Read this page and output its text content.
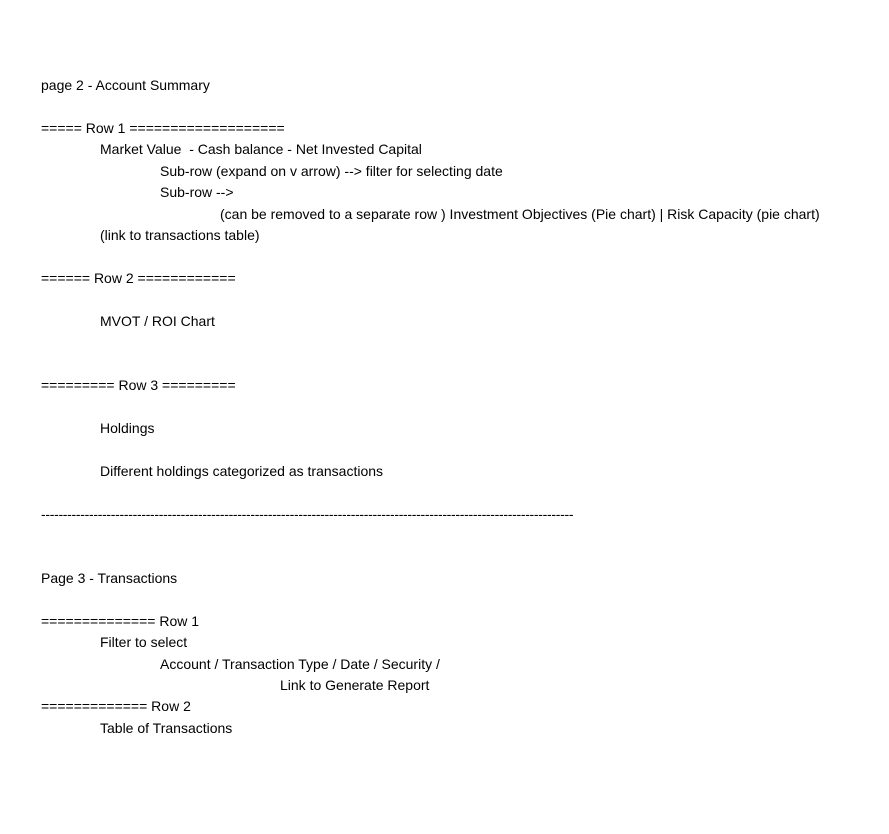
page 2 - Account Summary

===== Row 1 ===================

Market Value  - Cash balance - Net Invested Capital

Sub-row (expand on v arrow) --> filter for selecting date

Sub-row -->

(can be removed to a separate row ) Investment Objectives (Pie chart) | Risk Capacity (pie chart)

(link to transactions table)

====== Row 2 ============

MVOT / ROI Chart

========= Row 3 =========

Holdings

Different holdings categorized as transactions

--------------------------------------------------------------------------------------------------------------------------

Page 3 - Transactions

============== Row 1

Filter to select

Account / Transaction Type / Date / Security /

Link to Generate Report

============= Row 2

Table of Transactions
